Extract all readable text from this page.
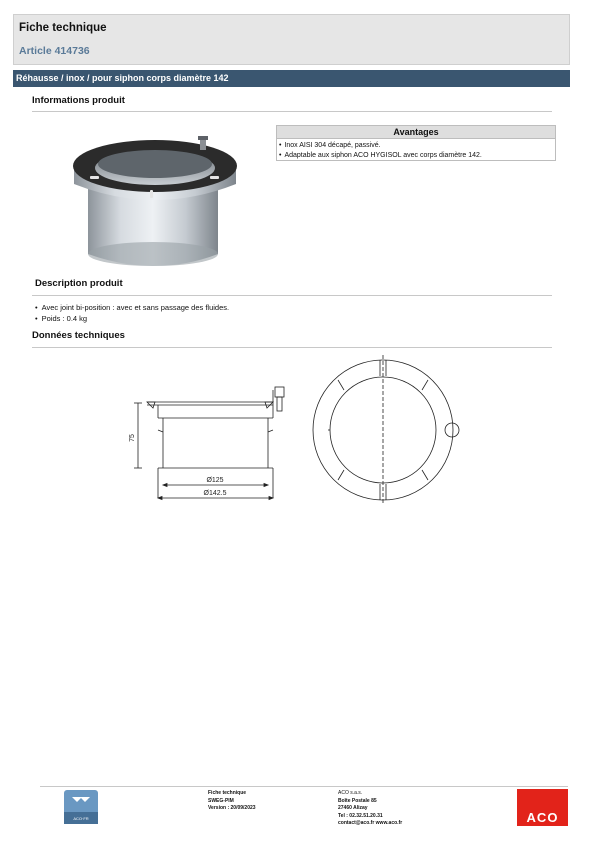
Fiche technique
Article 414736
Réhausse / inox / pour siphon corps diamètre 142
Informations produit
Avantages
• Inox AISI 304 décapé, passivé.
• Adaptable aux siphon ACO HYGISOL avec corps diamètre 142.
Description produit
• Avec joint bi-position : avec et sans passage des fluides.
• Poids : 0.4 kg
Données techniques
75
Ø125
Ø142.5
ACO·FR
Fiche technique
SWEG-PIM
Version : 20/09/2023
ACO s.a.s.
Boîte Postale 85
27460 Alizay
Tel : 02.32.51.20.31
contact@aco.fr www.aco.fr	ACO
